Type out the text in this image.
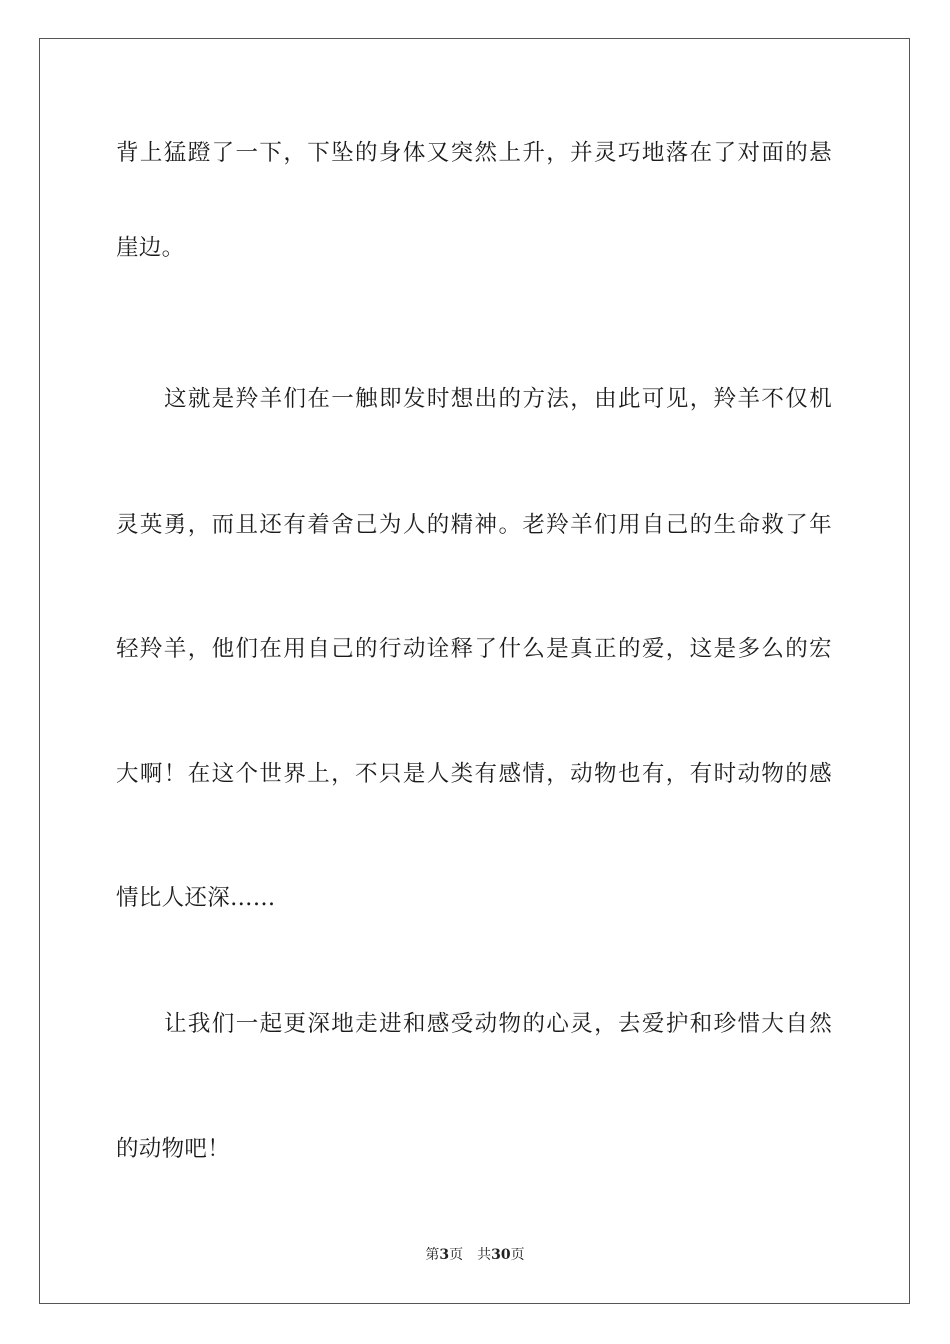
背上猛蹬了一下，下坠的身体又突然上升，并灵巧地落在了对面的悬
崖边。
这就是羚羊们在一触即发时想出的方法，由此可见，羚羊不仅机
灵英勇，而且还有着舍己为人的精神。老羚羊们用自己的生命救了年
轻羚羊，他们在用自己的行动诠释了什么是真正的爱，这是多么的宏
大啊！在这个世界上，不只是人类有感情，动物也有，有时动物的感
情比人还深……
让我们一起更深地走进和感受动物的心灵，去爱护和珍惜大自然
的动物吧！
第3页 共30页
